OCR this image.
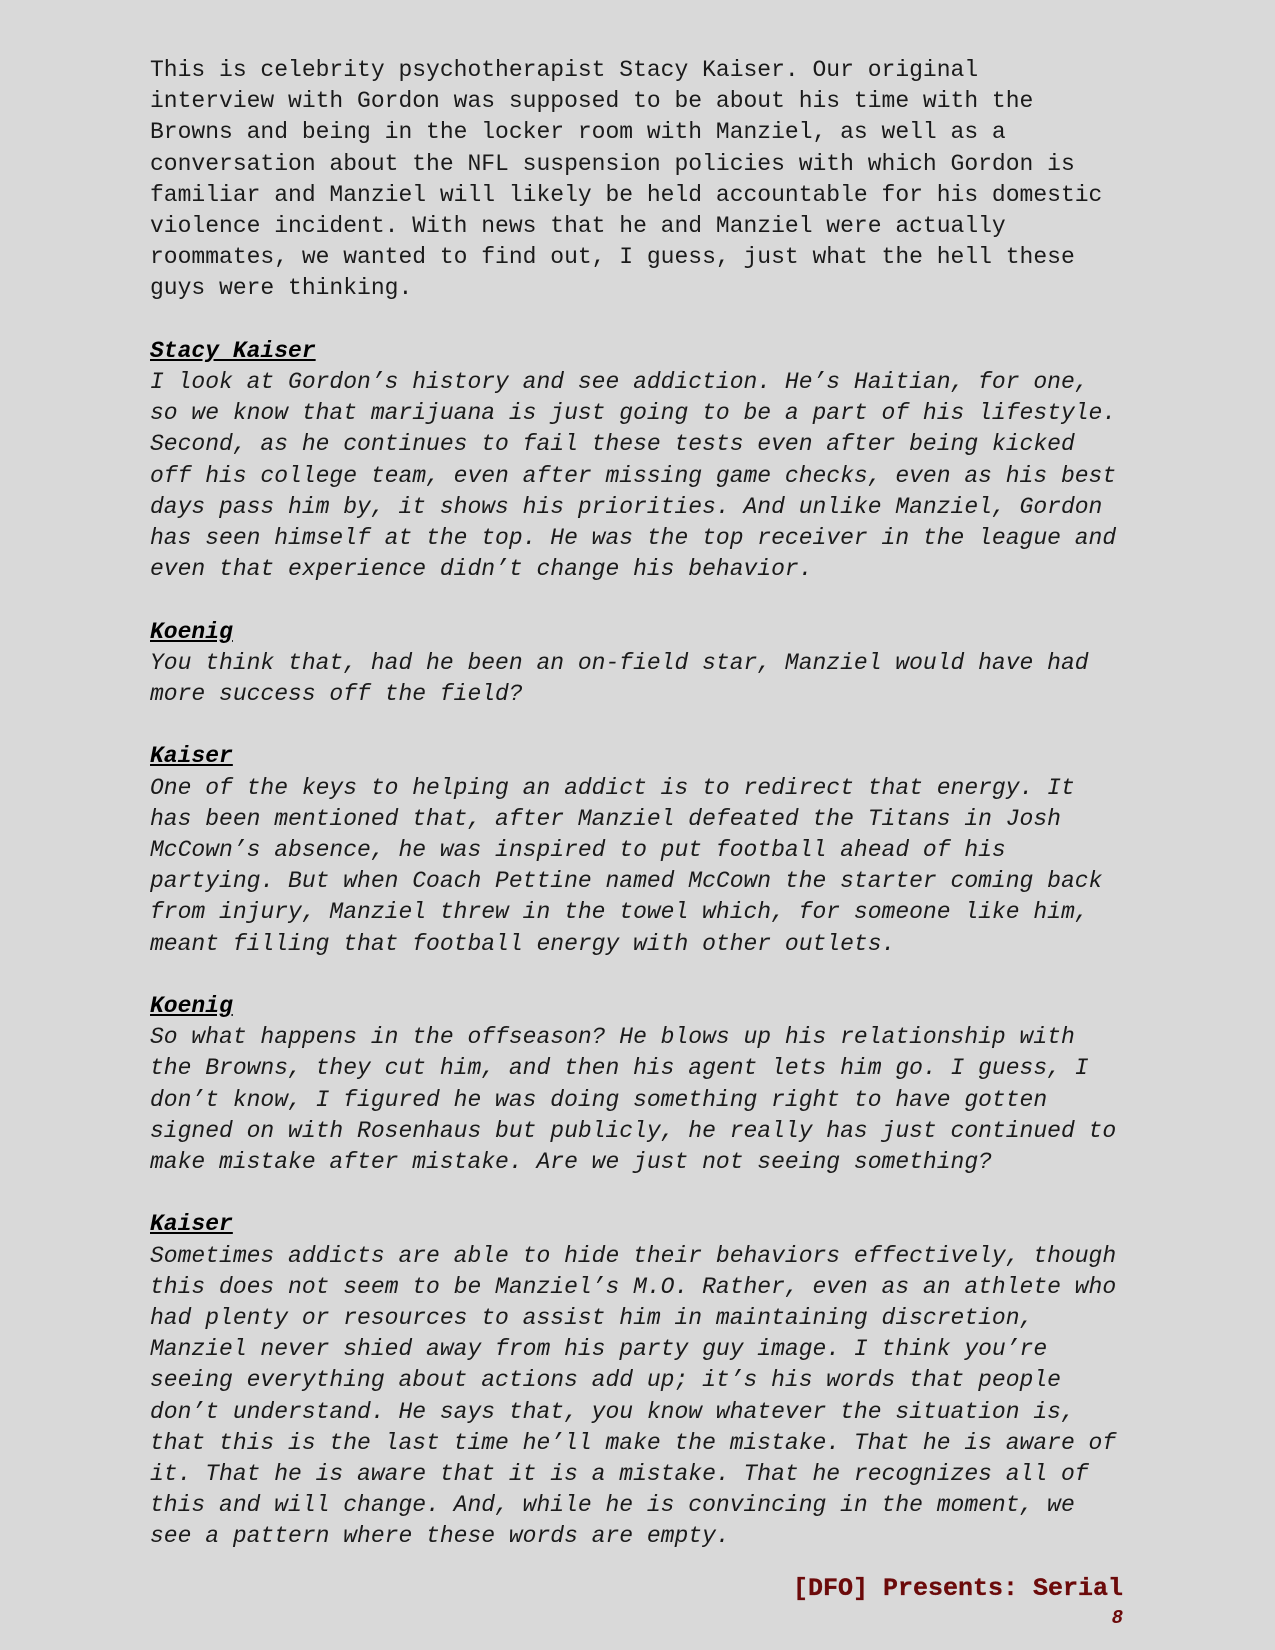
This is celebrity psychotherapist Stacy Kaiser. Our original
interview with Gordon was supposed to be about his time with the
Browns and being in the locker room with Manziel, as well as a
conversation about the NFL suspension policies with which Gordon is
familiar and Manziel will likely be held accountable for his domestic
violence incident. With news that he and Manziel were actually
roommates, we wanted to find out, I guess, just what the hell these
guys were thinking.
Stacy Kaiser
I look at Gordon’s history and see addiction. He’s Haitian, for one,
so we know that marijuana is just going to be a part of his lifestyle.
Second, as he continues to fail these tests even after being kicked
off his college team, even after missing game checks, even as his best
days pass him by, it shows his priorities. And unlike Manziel, Gordon
has seen himself at the top. He was the top receiver in the league and
even that experience didn’t change his behavior.
Koenig
You think that, had he been an on-field star, Manziel would have had
more success off the field?
Kaiser
One of the keys to helping an addict is to redirect that energy. It
has been mentioned that, after Manziel defeated the Titans in Josh
McCown’s absence, he was inspired to put football ahead of his
partying. But when Coach Pettine named McCown the starter coming back
from injury, Manziel threw in the towel which, for someone like him,
meant filling that football energy with other outlets.
Koenig
So what happens in the offseason? He blows up his relationship with
the Browns, they cut him, and then his agent lets him go. I guess, I
don’t know, I figured he was doing something right to have gotten
signed on with Rosenhaus but publicly, he really has just continued to
make mistake after mistake. Are we just not seeing something?
Kaiser
Sometimes addicts are able to hide their behaviors effectively, though
this does not seem to be Manziel’s M.O. Rather, even as an athlete who
had plenty or resources to assist him in maintaining discretion,
Manziel never shied away from his party guy image. I think you’re
seeing everything about actions add up; it’s his words that people
don’t understand. He says that, you know whatever the situation is,
that this is the last time he’ll make the mistake. That he is aware of
it. That he is aware that it is a mistake. That he recognizes all of
this and will change. And, while he is convincing in the moment, we
see a pattern where these words are empty.
[DFO] Presents: Serial
8
